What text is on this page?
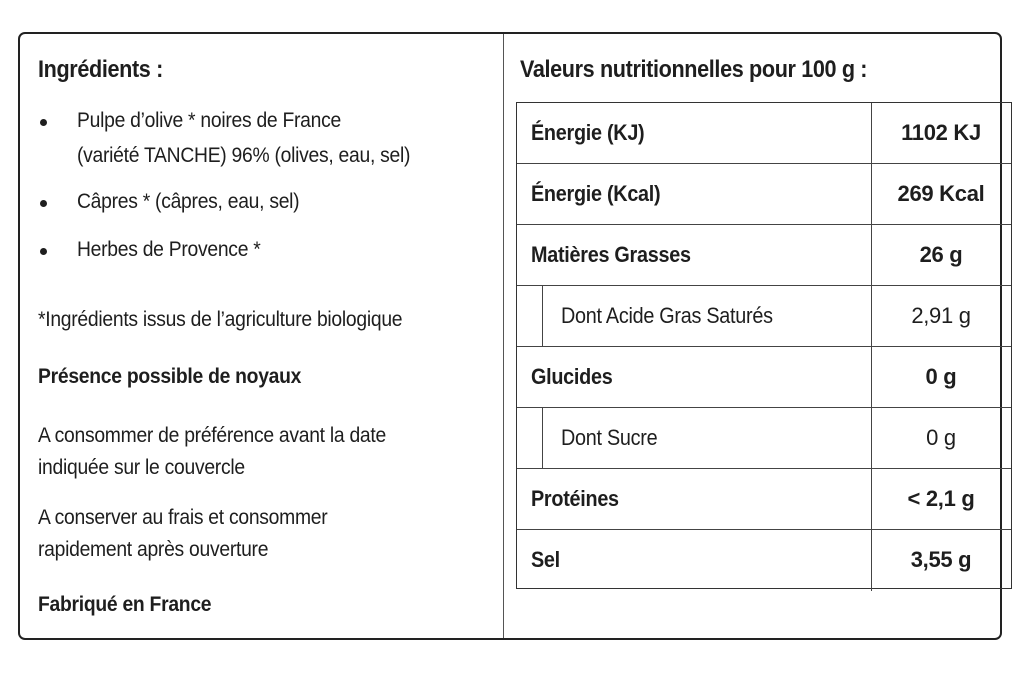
Ingrédients :
Pulpe d’olive * noires de France
(variété TANCHE) 96% (olives, eau, sel)
Câpres * (câpres, eau, sel)
Herbes de Provence *
*Ingrédients issus de l’agriculture biologique
Présence possible de noyaux
A consommer de préférence avant la date
indiquée sur le couvercle
A conserver au frais et consommer
rapidement après ouverture
Fabriqué en France
Valeurs nutritionnelles pour 100 g :
Énergie (KJ)	1102 KJ
Énergie (Kcal)	269 Kcal
Matières Grasses	26 g
Dont Acide Gras Saturés	2,91 g
Glucides	0 g
Dont Sucre	0 g
Protéines	< 2,1 g
Sel	3,55 g
